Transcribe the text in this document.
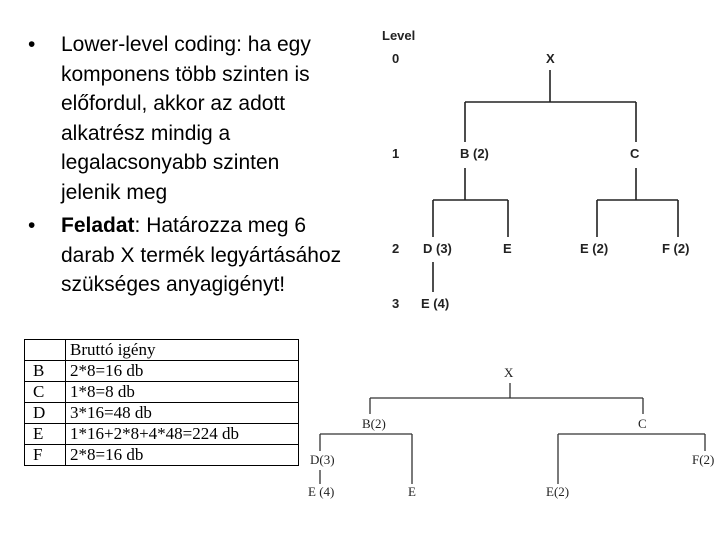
• Lower-level coding: ha egy komponens több szinten is előfordul, akkor az adott alkatrész mindig a legalacsonyabb szinten jelenik meg
• Feladat: Határozza meg 6 darab X termék legyártásához szükséges anyagigényt!
	Bruttó igény
B	2*8=16 db
C	1*8=8 db
D	3*16=48 db
E	1*16+2*8+4*48=224 db
F	2*8=16 db
Level
0
1
2
3
X
B (2)	C
D (3)	E	E (2)	F (2)
E (4)
X
B(2)	C
D(3)	F(2)
E (4)	E	E(2)
